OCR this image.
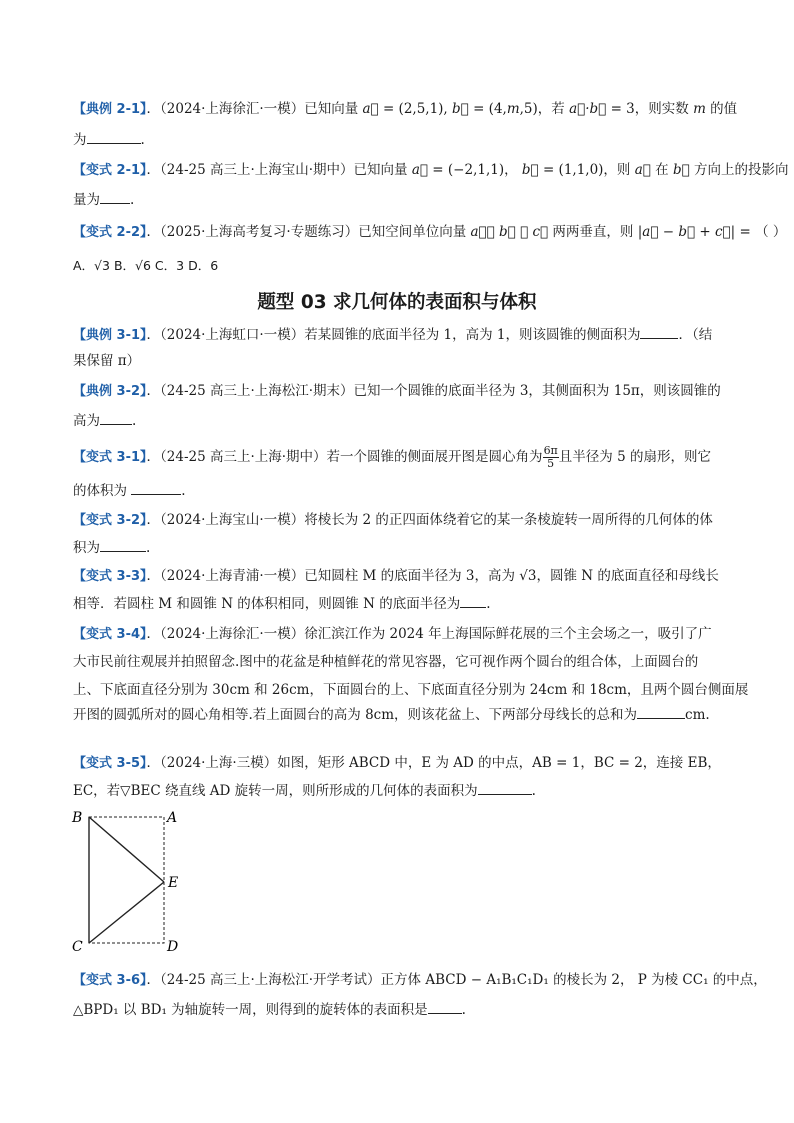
【典例 2-1】．（2024·上海徐汇·一模）已知向量 a⃗ = (2,5,1), b⃗ = (4,m,5)，若 a⃗·b⃗ = 3，则实数 m 的值
为	.
【变式 2-1】．（24-25 高三上·上海宝山·期中）已知向量 a⃗ = (−2,1,1)， b⃗ = (1,1,0)，则 a⃗ 在 b⃗ 方向上的投影向
量为 .
【变式 2-2】．（2025·上海高考复习·专题练习）已知空间单位向量 a⃗， b⃗ ， c⃗ 两两垂直，则 |a⃗ − b⃗ + c⃗| = （ ）
A．√3 B．√6 C．3 D．6
题型 03 求几何体的表面积与体积
【典例 3-1】．（2024·上海虹口·一模）若某圆锥的底面半径为 1，高为 1，则该圆锥的侧面积为	．（结
果保留 π）
【典例 3-2】．（24-25 高三上·上海松江·期末）已知一个圆锥的底面半径为 3，其侧面积为 15π，则该圆锥的
高为 .
【变式 3-1】．（24-25 高三上·上海·期中）若一个圆锥的侧面展开图是圆心角为 $\frac{6\pi}{5}$ 且半径为 5 的扇形，则它
的体积为	.
【变式 3-2】．（2024·上海宝山·一模）将棱长为 2 的正四面体绕着它的某一条棱旋转一周所得的几何体的体
积为	.
【变式 3-3】．（2024·上海青浦·一模）已知圆柱 M 的底面半径为 3，高为 √3，圆锥 N 的底面直径和母线长
相等．若圆柱 M 和圆锥 N 的体积相同，则圆锥 N 的底面半径为 .
【变式 3-4】．（2024·上海徐汇·一模）徐汇滨江作为 2024 年上海国际鲜花展的三个主会场之一，吸引了广
大市民前往观展并拍照留念.图中的花盆是种植鲜花的常见容器，它可视作两个圆台的组合体，上面圆台的
上、下底面直径分别为 30cm 和 26cm，下面圆台的上、下底面直径分别为 24cm 和 18cm，且两个圆台侧面展
开图的圆弧所对的圆心角相等.若上面圆台的高为 8cm，则该花盆上、下两部分母线长的总和为	cm.
【变式 3-5】．（2024·上海·三模）如图，矩形 ABCD 中，E 为 AD 的中点，AB = 1，BC = 2，连接 EB，
EC，若▽BEC 绕直线 AD 旋转一周，则所形成的几何体的表面积为	.
B	A
E
C	D
【变式 3-6】．（24-25 高三上·上海松江·开学考试）正方体 ABCD − A₁B₁C₁D₁ 的棱长为 2， P 为棱 CC₁ 的中点，
△BPD₁ 以 BD₁ 为轴旋转一周，则得到的旋转体的表面积是	.
